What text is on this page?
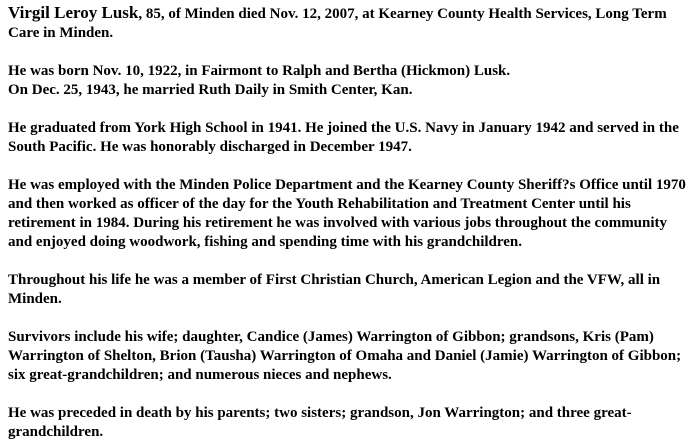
Virgil Leroy Lusk, 85, of Minden died Nov. 12, 2007, at Kearney County Health Services, Long Term Care in Minden.

He was born Nov. 10, 1922, in Fairmont to Ralph and Bertha (Hickmon) Lusk.
On Dec. 25, 1943, he married Ruth Daily in Smith Center, Kan.

He graduated from York High School in 1941. He joined the U.S. Navy in January 1942 and served in the South Pacific. He was honorably discharged in December 1947.

He was employed with the Minden Police Department and the Kearney County Sheriff?s Office until 1970 and then worked as officer of the day for the Youth Rehabilitation and Treatment Center until his retirement in 1984. During his retirement he was involved with various jobs throughout the community and enjoyed doing woodwork, fishing and spending time with his grandchildren.

Throughout his life he was a member of First Christian Church, American Legion and the VFW, all in Minden.

Survivors include his wife; daughter, Candice (James) Warrington of Gibbon; grandsons, Kris (Pam) Warrington of Shelton, Brion (Tausha) Warrington of Omaha and Daniel (Jamie) Warrington of Gibbon; six great-grandchildren; and numerous nieces and nephews.

He was preceded in death by his parents; two sisters; grandson, Jon Warrington; and three great-grandchildren.
